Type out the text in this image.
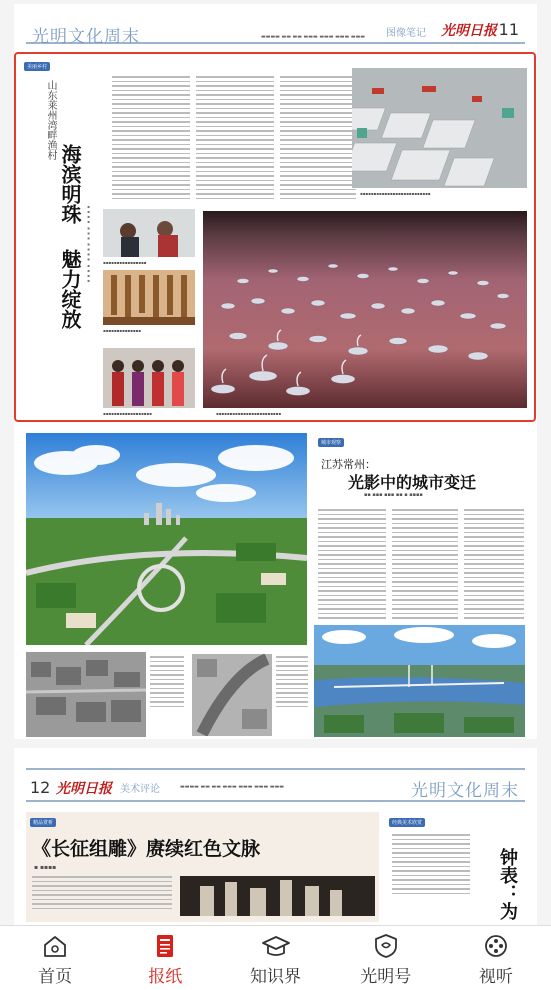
光明文化周末	▬▬▬▬ ▬▬ ▬▬ ▬▬▬ ▬▬▬ ▬▬▬ ▬▬▬ 图像笔记 光明日报 11
美丽乡村
山东莱州湾畔渔村
海滨明珠
魅力绽放
▪▪▪▪ ▪▪▪ ▪▪▪▪ ▪▪▪▪
▪▪▪▪▪▪▪▪▪▪▪▪▪▪▪▪▪▪▪▪▪▪▪▪▪▪
▪▪▪▪▪▪▪▪▪▪▪▪▪▪▪▪
▪▪▪▪▪▪▪▪▪▪▪▪▪▪
▪▪▪▪▪▪▪▪▪▪▪▪▪▪▪▪▪▪	▪▪▪▪▪▪▪▪▪▪▪▪▪▪▪▪▪▪▪▪▪▪▪▪
城市观察
江苏常州：
光影中的城市变迁
▪▪ ▪▪▪ ▪▪▪ ▪▪ ▪ ▪▪▪▪
12 光明日报 美术评论	▬▬▬▬ ▬▬ ▬▬ ▬▬▬ ▬▬▬ ▬▬▬ ▬▬▬	光明文化周末
精品赏析
《长征组雕》赓续红色文脉
▪ ▪▪▪▪
经典美术欣赏
钟表：为
首页	报纸	知识界	光明号	视听
